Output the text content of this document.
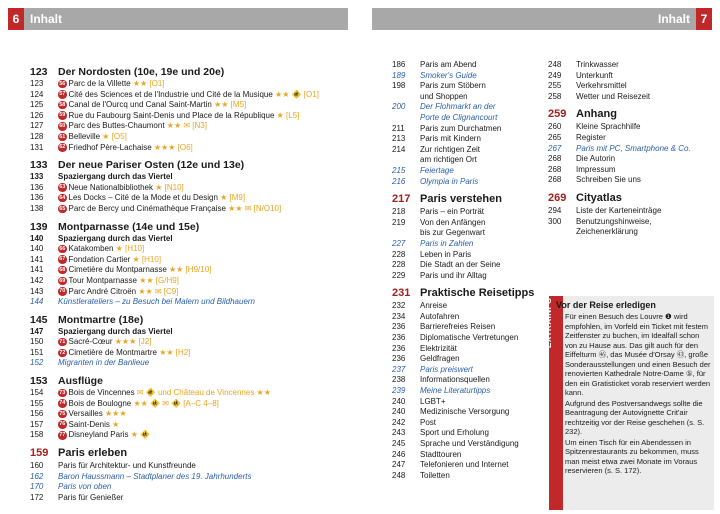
6 Inhalt	Inhalt 7
123 Der Nordosten (10e, 19e und 20e)
123	56 Parc de la Villette ★★ [O1]
124	57 Cité des Sciences et de l'Industrie und Cité de la Musique ★★ 🚸 [O1]
125	58 Canal de l'Ourcq und Canal Saint-Martin ★★ [M5]
126	59 Rue du Faubourg Saint-Denis und Place de la République ★ [L5]
127	60 Parc des Buttes-Chaumont ★★ ✉ [N3]
128	61 Belleville ★ [O5]
131	62 Friedhof Père-Lachaise ★★★ [O6]
133 Der neue Pariser Osten (12e und 13e)
133	Spaziergang durch das Viertel
136	63 Neue Nationalbibliothek ★ [N10]
136	64 Les Docks – Cité de la Mode et du Design ★ [M9]
138	65 Parc de Bercy und Cinémathèque Française ★★ ✉ [N/O10]
139 Montparnasse (14e und 15e)
140	Spaziergang durch das Viertel
140	66 Katakomben ★ [H10]
141	67 Fondation Cartier ★ [H10]
141	68 Cimetière du Montparnasse ★★ [H9/10]
142	69 Tour Montparnasse ★★ [G/H9]
143	70 Parc André Citroën ★★ ✉ [C9]
144	Künstlerateliers – zu Besuch bei Malern und Bildhauern
145 Montmartre (18e)
147	Spaziergang durch das Viertel
150	71 Sacré-Cœur ★★★ [J2]
151	72 Cimetière de Montmartre ★★ [H2]
152	Migranten in der Banlieue
153 Ausflüge
154	73 Bois de Vincennes ✉ 🚸 und Château de Vincennes ★★
155	74 Bois de Boulogne ★★ 🚸 ✉ 🚸 [A–C 4–8]
156	75 Versailles ★★★
157	76 Saint-Denis ★
158	77 Disneyland Paris ★ 🚸
159 Paris erleben
160	Paris für Architektur- und Kunstfreunde
162	Baron Haussmann – Stadtplaner des 19. Jahrhunderts
170	Paris von oben
172	Paris für Genießer
186	Paris am Abend
189	Smoker's Guide
198	Paris zum Stöbern
und Shoppen
200	Der Flohmarkt an der
Porte de Clignancourt
211	Paris zum Durchatmen
213	Paris mit Kindern
214	Zur richtigen Zeit
am richtigen Ort
215	Feiertage
216	Olympia in Paris
217 Paris verstehen
218	Paris – ein Porträt
219	Von den Anfängen
bis zur Gegenwart
227	Paris in Zahlen
228	Leben in Paris
228	Die Stadt an der Seine
229	Paris und ihr Alltag
231 Praktische Reisetipps
232	Anreise
234	Autofahren
236	Barrierefreies Reisen
236	Diplomatische Vertretungen
236	Elektrizität
236	Geldfragen
237	Paris preiswert
238	Informationsquellen
239	Meine Literaturtipps
240	LGBT+
240	Medizinische Versorgung
242	Post
243	Sport und Erholung
245	Sprache und Verständigung
246	Stadttouren
247	Telefonieren und Internet
248	Toiletten
248	Trinkwasser
249	Unterkunft
255	Verkehrsmittel
258	Wetter und Reisezeit
259 Anhang
260	Kleine Sprachhilfe
265	Register
267	Paris mit PC, Smartphone & Co.
268	Die Autorin
268	Impressum
268	Schreiben Sie uns
269 Cityatlas
294	Liste der Karteneinträge
300	Benutzungshinweise,
Zeichenerklärung
EXTRAINFO Vor der Reise erledigen
› Für einen Besuch des Louvre ❶ wird empfohlen, im Vorfeld ein Ticket mit festem Zeitfenster zu buchen, im Idealfall schon von zu Hause aus. Das gilt auch für den Eiffelturm ㊻, das Musée d'Orsay ㊸, große Sonderausstellungen und einen Besuch der renovierten Kathedrale Notre-Dame ⑤, für den ein Gratisticket vorab reserviert werden kann.
› Aufgrund des Postversandwegs sollte die Beantragung der Autovignette Crit'air rechtzeitig vor der Reise geschehen (s. S. 232).
› Um einen Tisch für ein Abendessen in Spitzenrestaurants zu bekommen, muss man meist etwa zwei Monate im Voraus reservieren (s. S. 172).
